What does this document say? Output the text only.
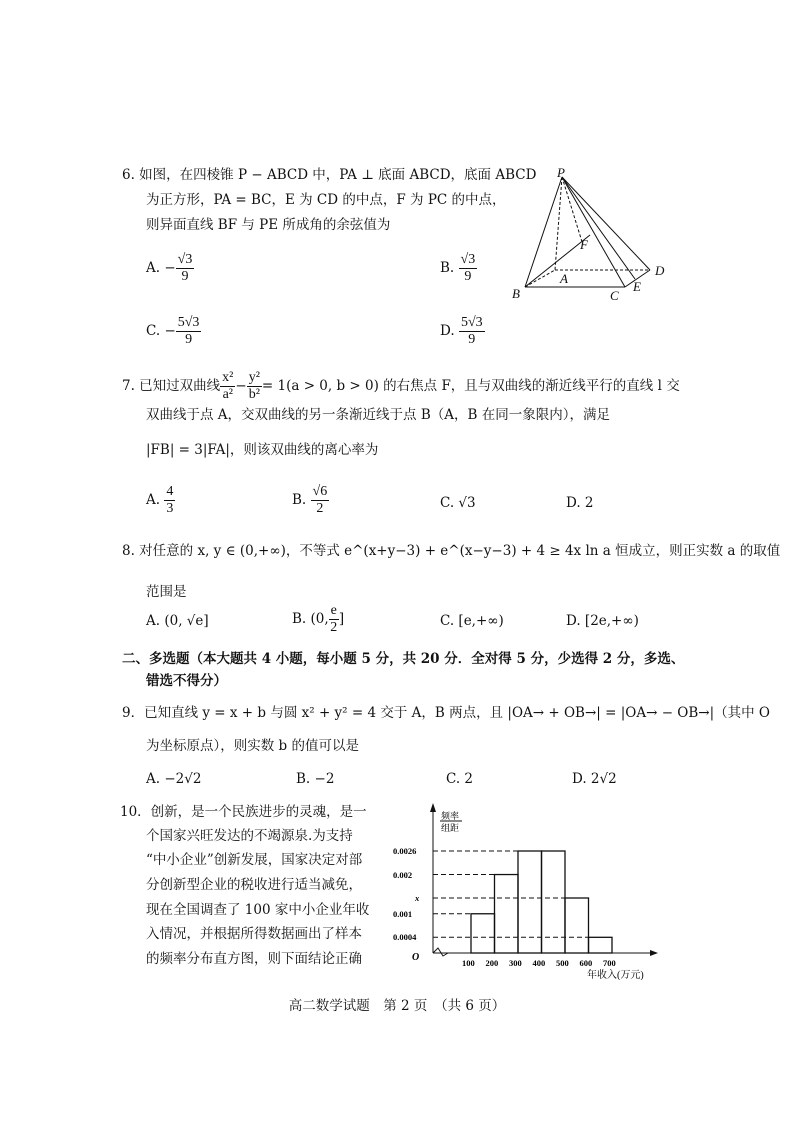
6. 如图，在四棱锥 P − ABCD 中，PA ⊥ 底面 ABCD，底面 ABCD
为正方形，PA = BC，E 为 CD 的中点，F 为 PC 的中点，
则异面直线 BF 与 PE 所成角的余弦值为
A. − $\frac{√3}{9}$	B. $\frac{√3}{9}$
C. − $\frac{5√3}{9}$	D. $\frac{5√3}{9}$
P
F
A
B	C
E
D
7. 已知过双曲线 $\frac{\text{x²}}{\text{a²}} - \frac{\text{y²}}{\text{b²}} = 1(a > 0$, b > 0) 的右焦点 F，且与双曲线的渐近线平行的直线 l 交
双曲线于点 A，交双曲线的另一条渐近线于点 B（A，B 在同一象限内），满足
|FB| = 3|FA|，则该双曲线的离心率为
A. $\frac{4}{3}$	B. $\frac{√6}{2}$	C. √3	D. 2
8. 对任意的 x, y ∈ (0,+∞)，不等式 e^(x+y−3) + e^(x−y−3) + 4 ≥ 4x ln a 恒成立，则正实数 a 的取值
范围是
A. (0, √e]	B. (0, $\frac{e}{2}$ ]	C. [e,+∞)	D. [2e,+∞)
二、多选题（本大题共 4 小题，每小题 5 分，共 20 分．全对得 5 分，少选得 2 分，多选、
错选不得分）
9．已知直线 y = x + b 与圆 x² + y² = 4 交于 A，B 两点，且 |OA→ + OB→| = |OA→ − OB→|（其中 O
为坐标原点），则实数 b 的值可以是
A. −2√2	B. −2	C. 2	D. 2√2
10．创新，是一个民族进步的灵魂，是一
个国家兴旺发达的不竭源泉.为支持
“中小企业”创新发展，国家决定对部
分创新型企业的税收进行适当减免，
现在全国调查了 100 家中小企业年收
入情况，并根据所得数据画出了样本
的频率分布直方图，则下面结论正确
频率
组距
O
0.0026
0.002
x
0.001
0.0004
100 200 300 400 500 600 700
年收入(万元)
高二数学试题　第 2 页　（共 6 页）
